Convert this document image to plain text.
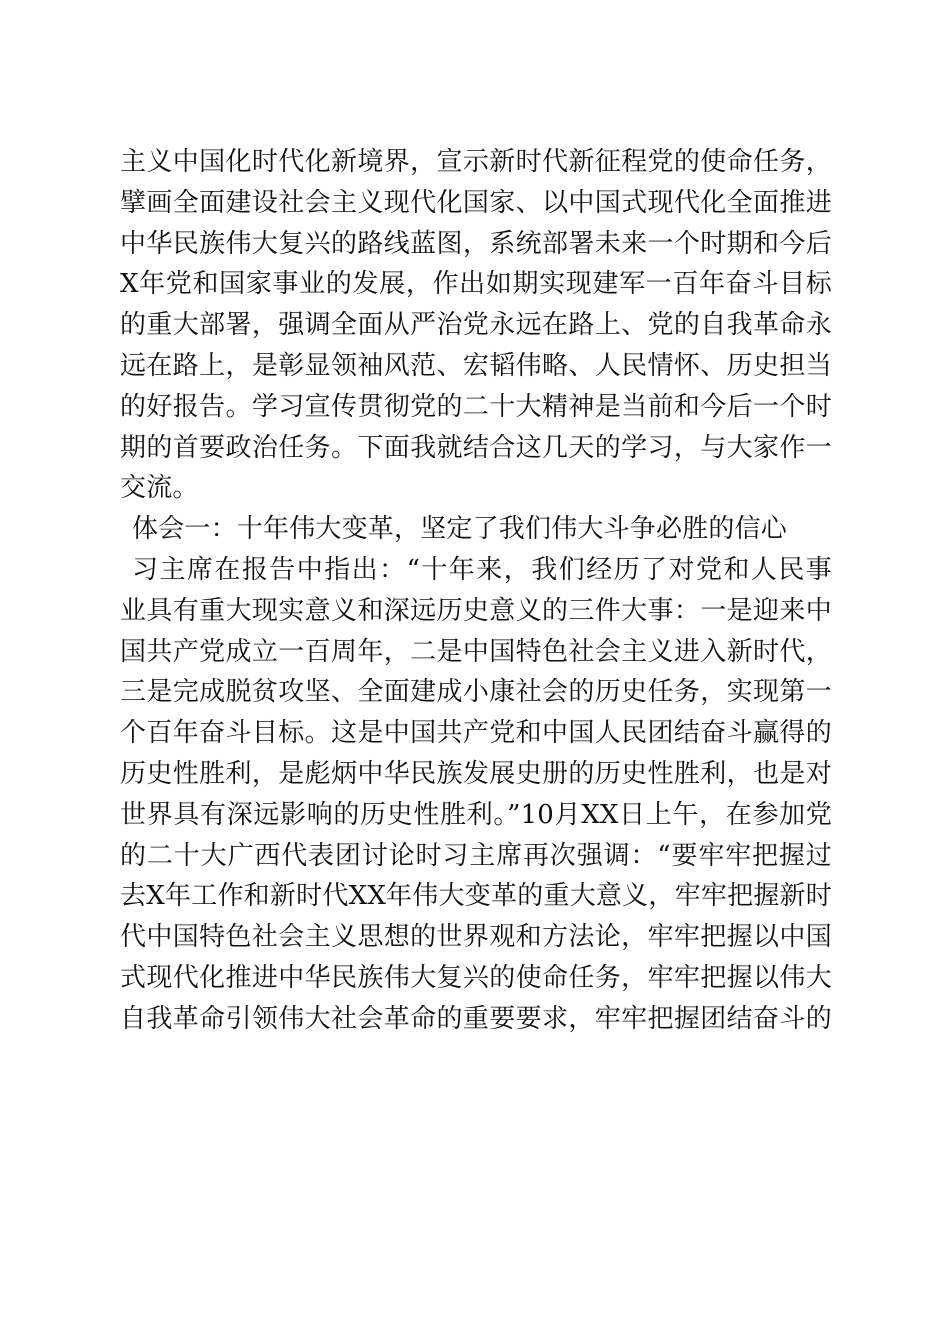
主义中国化时代化新境界，宣示新时代新征程党的使命任务，
擘画全面建设社会主义现代化国家、以中国式现代化全面推进
中华民族伟大复兴的路线蓝图，系统部署未来一个时期和今后
X年党和国家事业的发展，作出如期实现建军一百年奋斗目标
的重大部署，强调全面从严治党永远在路上、党的自我革命永
远在路上，是彰显领袖风范、宏韬伟略、人民情怀、历史担当
的好报告。学习宣传贯彻党的二十大精神是当前和今后一个时
期的首要政治任务。下面我就结合这几天的学习，与大家作一
交流。
体会一：十年伟大变革，坚定了我们伟大斗争必胜的信心
习主席在报告中指出：“十年来，我们经历了对党和人民事
业具有重大现实意义和深远历史意义的三件大事：一是迎来中
国共产党成立一百周年，二是中国特色社会主义进入新时代，
三是完成脱贫攻坚、全面建成小康社会的历史任务，实现第一
个百年奋斗目标。这是中国共产党和中国人民团结奋斗赢得的
历史性胜利，是彪炳中华民族发展史册的历史性胜利，也是对
世界具有深远影响的历史性胜利。”10月XX日上午，在参加党
的二十大广西代表团讨论时习主席再次强调：“要牢牢把握过
去X年工作和新时代XX年伟大变革的重大意义，牢牢把握新时
代中国特色社会主义思想的世界观和方法论，牢牢把握以中国
式现代化推进中华民族伟大复兴的使命任务，牢牢把握以伟大
自我革命引领伟大社会革命的重要要求，牢牢把握团结奋斗的
